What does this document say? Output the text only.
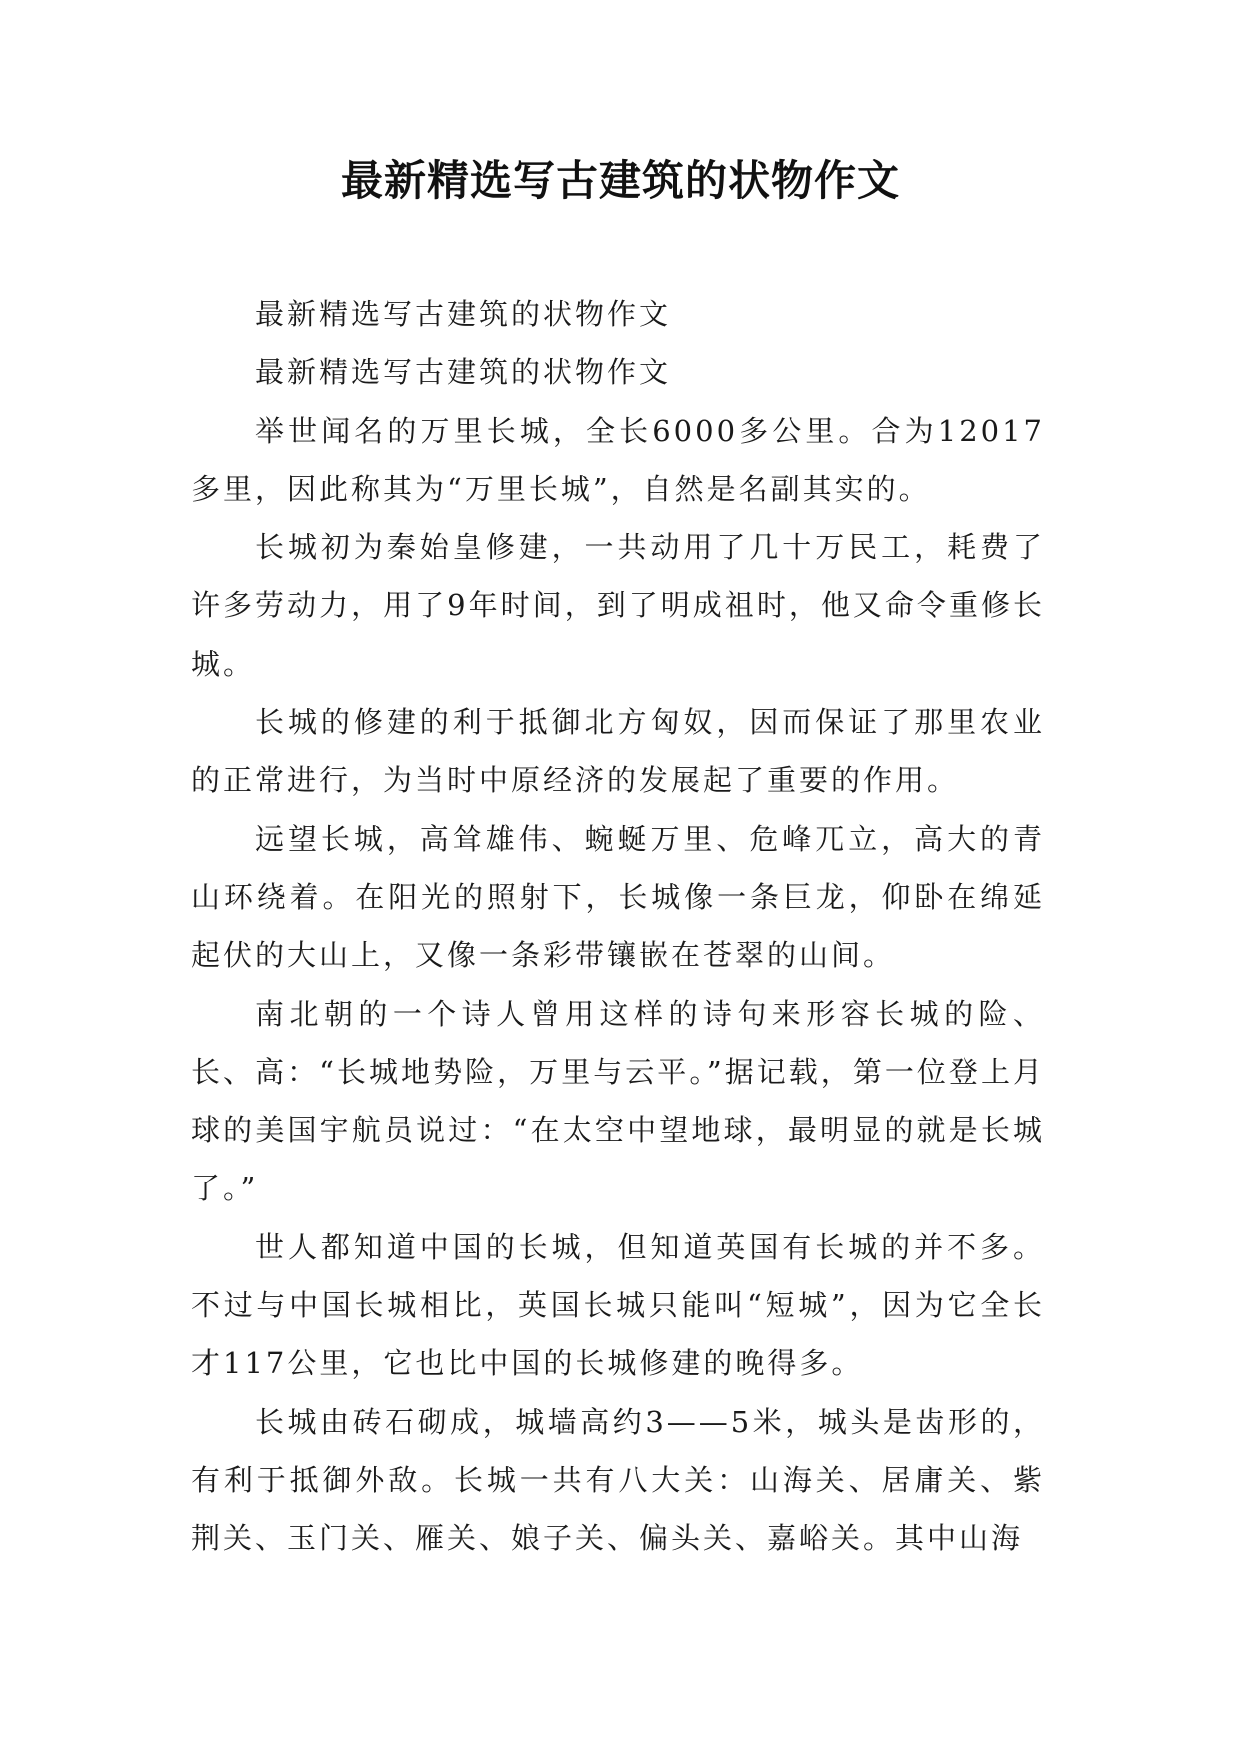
最新精选写古建筑的状物作文

最新精选写古建筑的状物作文

最新精选写古建筑的状物作文

举世闻名的万里长城，全长6000多公里。合为12017多里，因此称其为“万里长城”，自然是名副其实的。

长城初为秦始皇修建，一共动用了几十万民工，耗费了许多劳动力，用了9年时间，到了明成祖时，他又命令重修长城。

长城的修建的利于抵御北方匈奴，因而保证了那里农业的正常进行，为当时中原经济的发展起了重要的作用。

远望长城，高耸雄伟、蜿蜒万里、危峰兀立，高大的青山环绕着。在阳光的照射下，长城像一条巨龙，仰卧在绵延起伏的大山上，又像一条彩带镶嵌在苍翠的山间。

南北朝的一个诗人曾用这样的诗句来形容长城的险、长、高：“长城地势险，万里与云平。”据记载，第一位登上月球的美国宇航员说过：“在太空中望地球，最明显的就是长城了。”

世人都知道中国的长城，但知道英国有长城的并不多。不过与中国长城相比，英国长城只能叫“短城”，因为它全长才117公里，它也比中国的长城修建的晚得多。

长城由砖石砌成，城墙高约3——5米，城头是齿形的，有利于抵御外敌。长城一共有八大关：山海关、居庸关、紫荆关、玉门关、雁关、娘子关、偏头关、嘉峪关。其中山海
